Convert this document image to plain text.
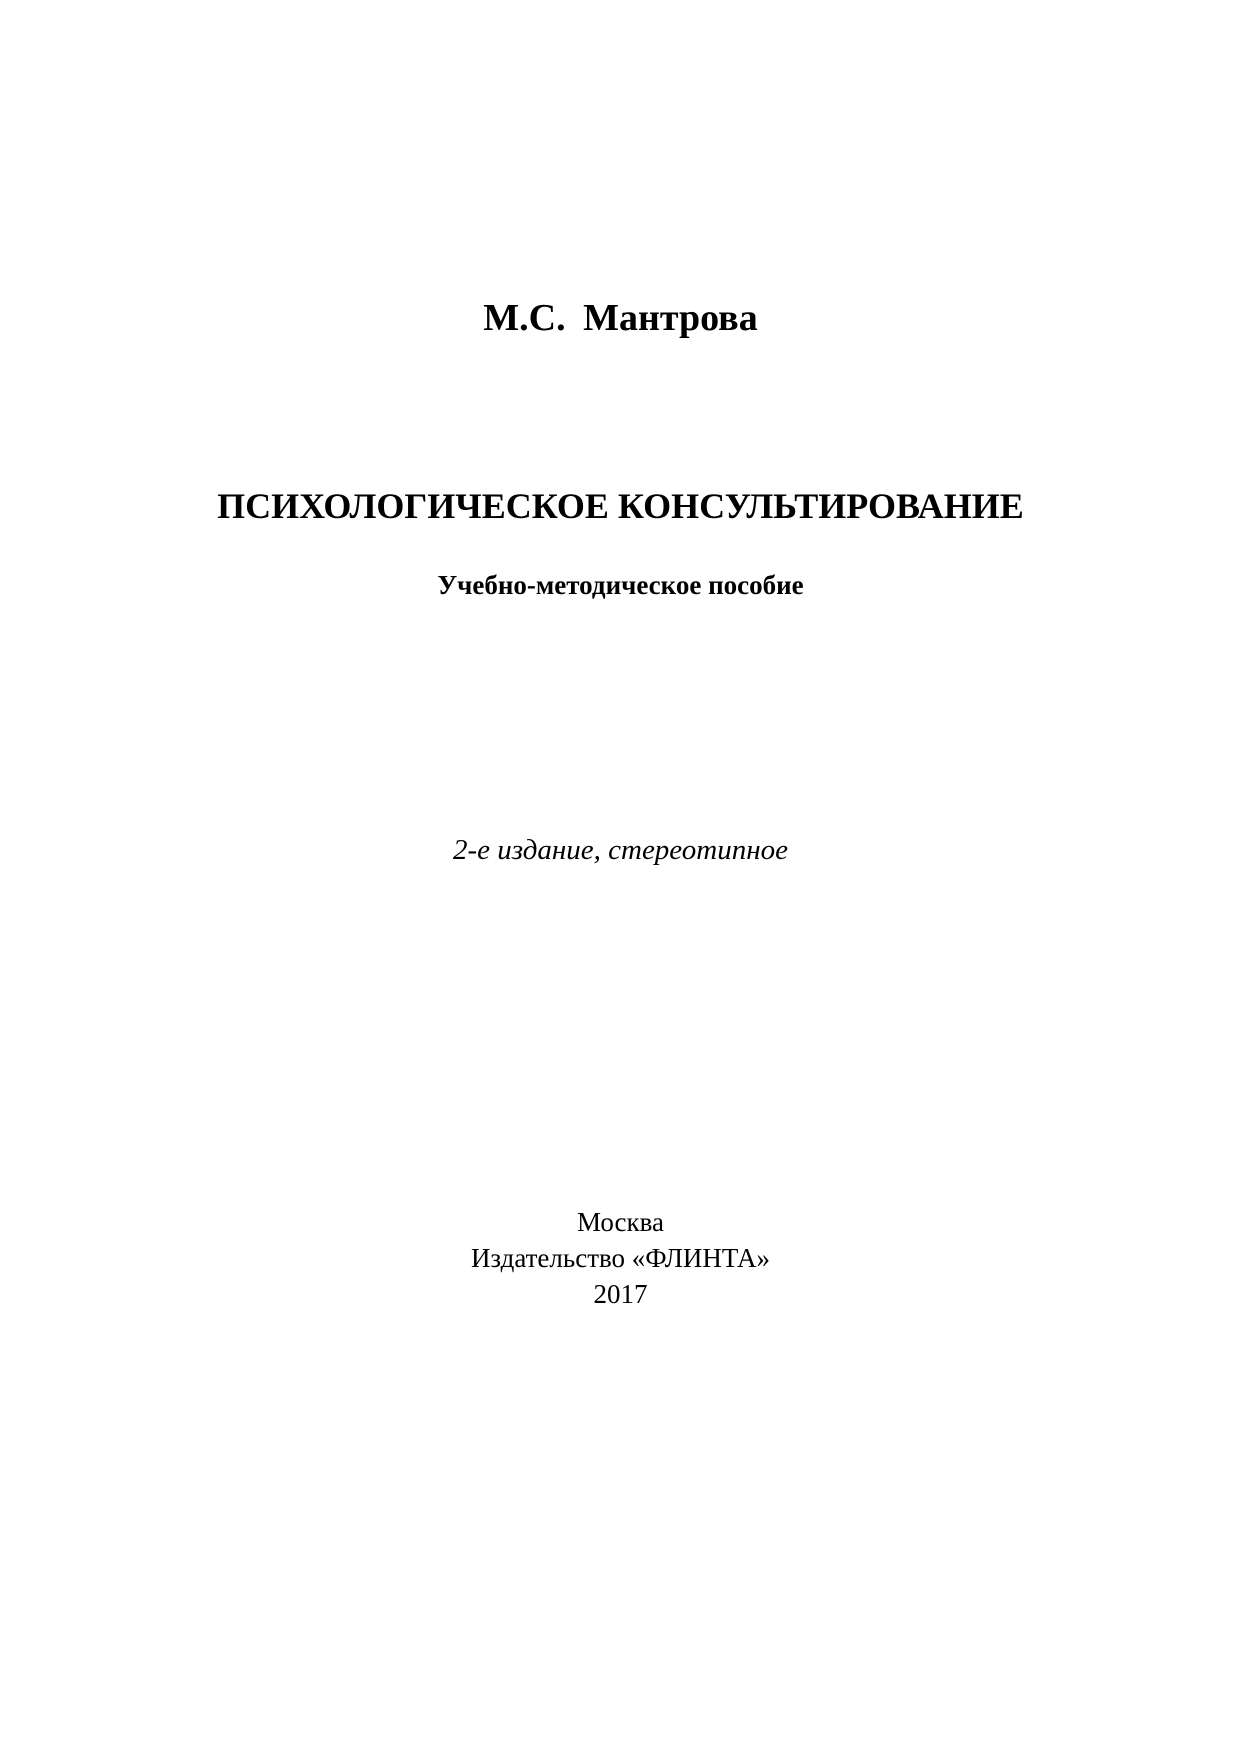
М.С. Мантрова
ПСИХОЛОГИЧЕСКОЕ КОНСУЛЬТИРОВАНИЕ
Учебно-методическое пособие
2-е издание, стереотипное
Москва
Издательство «ФЛИНТА»
2017
